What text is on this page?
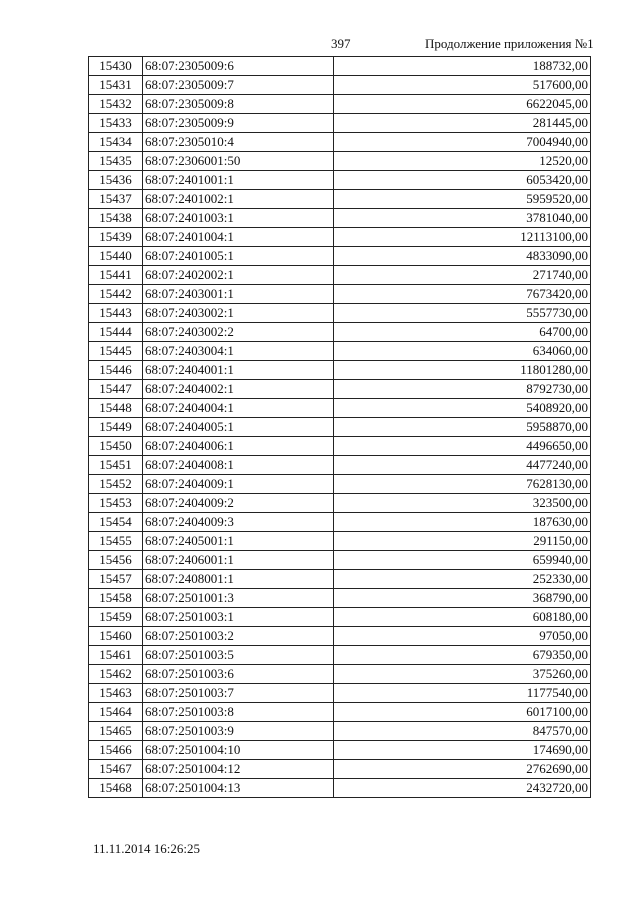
397	Продолжение приложения №1
15430	68:07:2305009:6	188732,00
15431	68:07:2305009:7	517600,00
15432	68:07:2305009:8	6622045,00
15433	68:07:2305009:9	281445,00
15434	68:07:2305010:4	7004940,00
15435	68:07:2306001:50	12520,00
15436	68:07:2401001:1	6053420,00
15437	68:07:2401002:1	5959520,00
15438	68:07:2401003:1	3781040,00
15439	68:07:2401004:1	12113100,00
15440	68:07:2401005:1	4833090,00
15441	68:07:2402002:1	271740,00
15442	68:07:2403001:1	7673420,00
15443	68:07:2403002:1	5557730,00
15444	68:07:2403002:2	64700,00
15445	68:07:2403004:1	634060,00
15446	68:07:2404001:1	11801280,00
15447	68:07:2404002:1	8792730,00
15448	68:07:2404004:1	5408920,00
15449	68:07:2404005:1	5958870,00
15450	68:07:2404006:1	4496650,00
15451	68:07:2404008:1	4477240,00
15452	68:07:2404009:1	7628130,00
15453	68:07:2404009:2	323500,00
15454	68:07:2404009:3	187630,00
15455	68:07:2405001:1	291150,00
15456	68:07:2406001:1	659940,00
15457	68:07:2408001:1	252330,00
15458	68:07:2501001:3	368790,00
15459	68:07:2501003:1	608180,00
15460	68:07:2501003:2	97050,00
15461	68:07:2501003:5	679350,00
15462	68:07:2501003:6	375260,00
15463	68:07:2501003:7	1177540,00
15464	68:07:2501003:8	6017100,00
15465	68:07:2501003:9	847570,00
15466	68:07:2501004:10	174690,00
15467	68:07:2501004:12	2762690,00
15468	68:07:2501004:13	2432720,00
11.11.2014 16:26:25
